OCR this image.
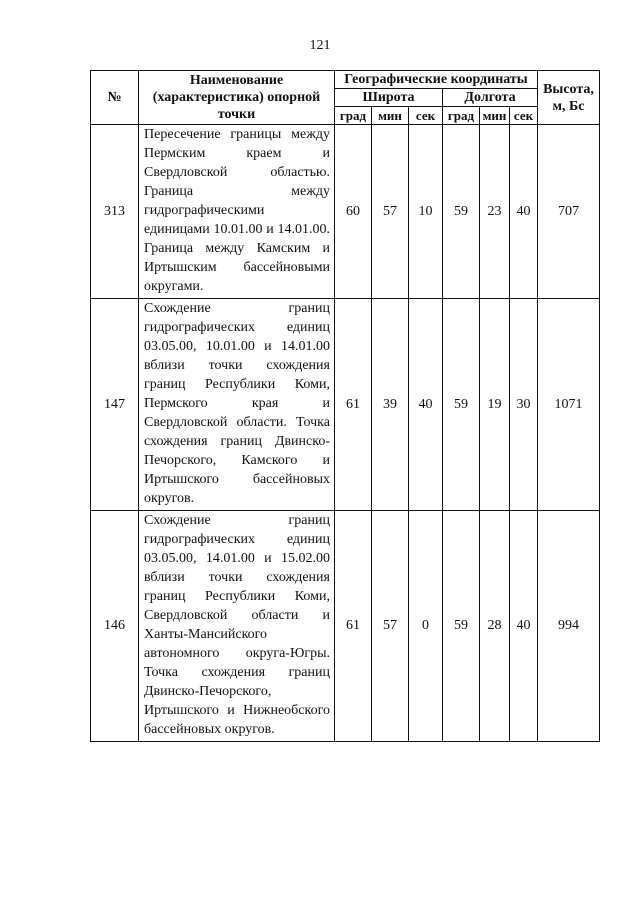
121
№	Наименование (характеристика) опорной точки	Географические координаты						Высота, м, Бс
		Широта			Долгота			
		град	мин	сек	град	мин	сек	
313	Пересечение границы между Пермским краем и Свердловской областью. Граница между гидрографическими единицами 10.01.00 и 14.01.00. Граница между Камским и Иртышским бассейновыми округами.	60	57	10	59	23	40	707
147	Схождение границ гидрографических единиц 03.05.00, 10.01.00 и 14.01.00 вблизи точки схождения границ Республики Коми, Пермского края и Свердловской области. Точка схождения границ Двинско-Печорского, Камского и Иртышского бассейновых округов.	61	39	40	59	19	30	1071
146	Схождение границ гидрографических единиц 03.05.00, 14.01.00 и 15.02.00 вблизи точки схождения границ Республики Коми, Свердловской области и Ханты-Мансийского автономного округа-Югры. Точка схождения границ Двинско-Печорского, Иртышского и Нижнеобского бассейновых округов.	61	57	0	59	28	40	994
